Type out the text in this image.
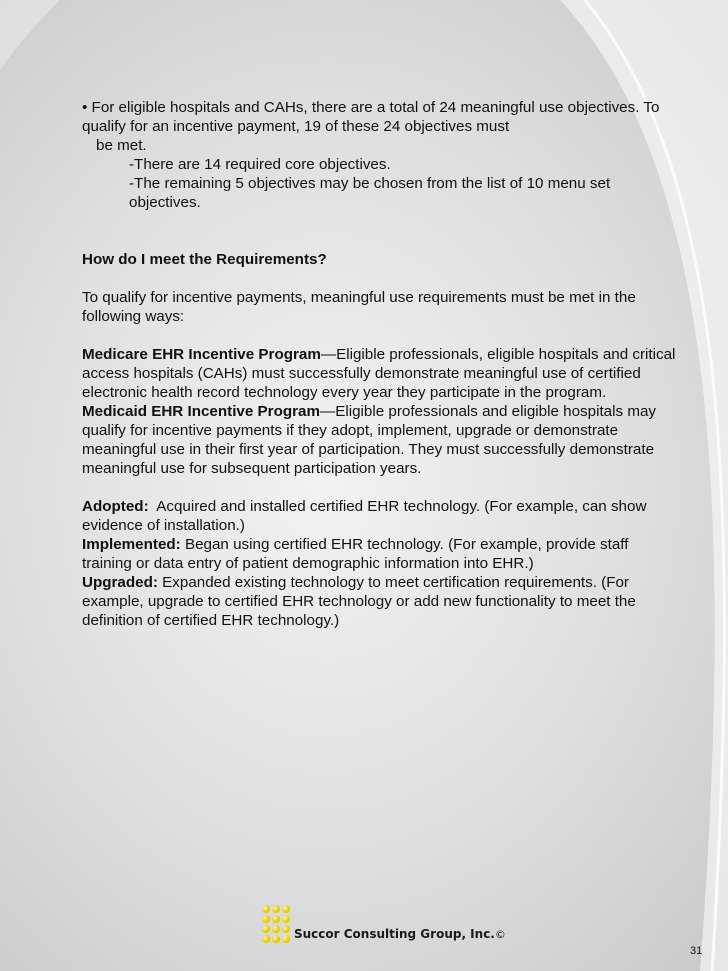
• For eligible hospitals and CAHs, there are a total of 24 meaningful use objectives. To qualify for an incentive payment, 19 of these 24 objectives must

be met.

-There are 14 required core objectives.

-The remaining 5 objectives may be chosen from the list of 10 menu set

objectives.

How do I meet the Requirements?

To qualify for incentive payments, meaningful use requirements must be met in the following ways:

Medicare EHR Incentive Program—Eligible professionals, eligible hospitals and critical access hospitals (CAHs) must successfully demonstrate meaningful use of certified electronic health record technology every year they participate in the program.

Medicaid EHR Incentive Program—Eligible professionals and eligible hospitals may qualify for incentive payments if they adopt, implement, upgrade or demonstrate meaningful use in their first year of participation. They must successfully demonstrate meaningful use for subsequent participation years.

Adopted:  Acquired and installed certified EHR technology. (For example, can show evidence of installation.)

Implemented: Began using certified EHR technology. (For example, provide staff training or data entry of patient demographic information into EHR.)

Upgraded: Expanded existing technology to meet certification requirements. (For example, upgrade to certified EHR technology or add new functionality to meet the definition of certified EHR technology.)

Succor Consulting Group, Inc.©
31
